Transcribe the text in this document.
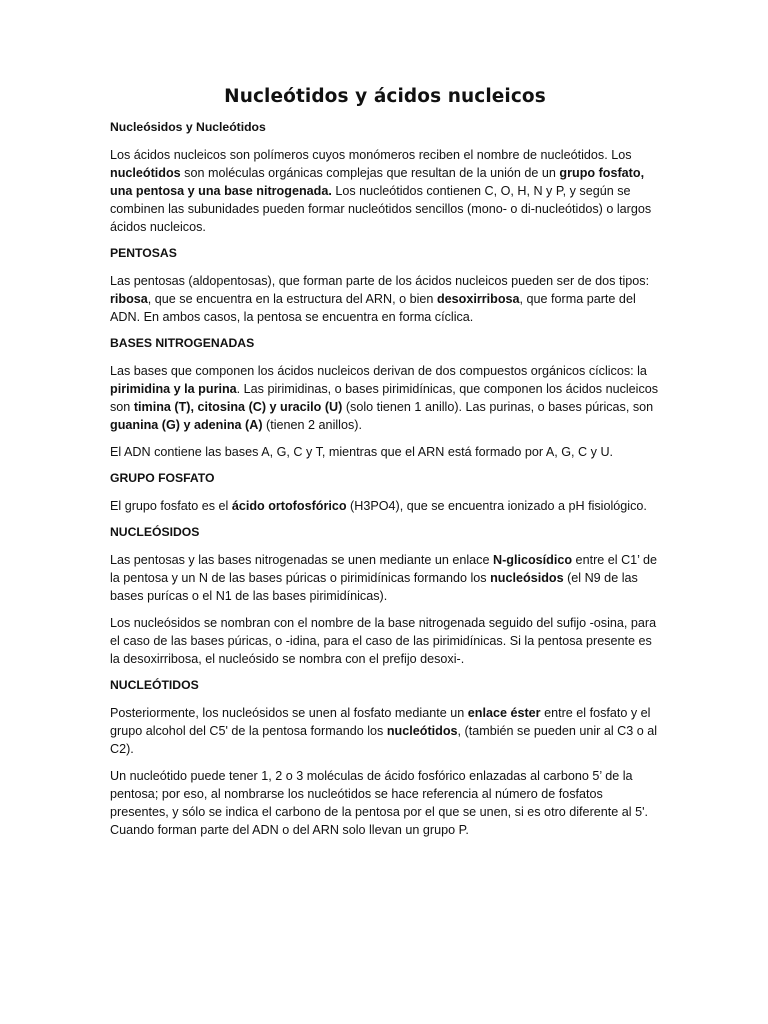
Nucleótidos y ácidos nucleicos
Nucleósidos y Nucleótidos

Los ácidos nucleicos son polímeros cuyos monómeros reciben el nombre de nucleótidos. Los nucleótidos son moléculas orgánicas complejas que resultan de la unión de un grupo fosfato, una pentosa y una base nitrogenada. Los nucleótidos contienen C, O, H, N y P, y según se combinen las subunidades pueden formar nucleótidos sencillos (mono- o di-nucleótidos) o largos ácidos nucleicos.

PENTOSAS

Las pentosas (aldopentosas), que forman parte de los ácidos nucleicos pueden ser de dos tipos: ribosa, que se encuentra en la estructura del ARN, o bien desoxirribosa, que forma parte del ADN. En ambos casos, la pentosa se encuentra en forma cíclica.

BASES NITROGENADAS

Las bases que componen los ácidos nucleicos derivan de dos compuestos orgánicos cíclicos: la pirimidina y la purina. Las pirimidinas, o bases pirimidínicas, que componen los ácidos nucleicos son timina (T), citosina (C) y uracilo (U) (solo tienen 1 anillo). Las purinas, o bases púricas, son guanina (G) y adenina (A) (tienen 2 anillos).

El ADN contiene las bases A, G, C y T, mientras que el ARN está formado por A, G, C y U.

GRUPO FOSFATO

El grupo fosfato es el ácido ortofosfórico (H3PO4), que se encuentra ionizado a pH fisiológico.

NUCLEÓSIDOS

Las pentosas y las bases nitrogenadas se unen mediante un enlace N-glicosídico entre el C1’ de la pentosa y un N de las bases púricas o pirimidínicas formando los nucleósidos (el N9 de las bases purícas o el N1 de las bases pirimidínicas).

Los nucleósidos se nombran con el nombre de la base nitrogenada seguido del sufijo -osina, para el caso de las bases púricas, o -idina, para el caso de las pirimidínicas. Si la pentosa presente es la desoxirribosa, el nucleósido se nombra con el prefijo desoxi-.

NUCLEÓTIDOS

Posteriormente, los nucleósidos se unen al fosfato mediante un enlace éster entre el fosfato y el grupo alcohol del C5' de la pentosa formando los nucleótidos, (también se pueden unir al C3 o al C2).

Un nucleótido puede tener 1, 2 o 3 moléculas de ácido fosfórico enlazadas al carbono 5’ de la pentosa; por eso, al nombrarse los nucleótidos se hace referencia al número de fosfatos presentes, y sólo se indica el carbono de la pentosa por el que se unen, si es otro diferente al 5'. Cuando forman parte del ADN o del ARN solo llevan un grupo P.
